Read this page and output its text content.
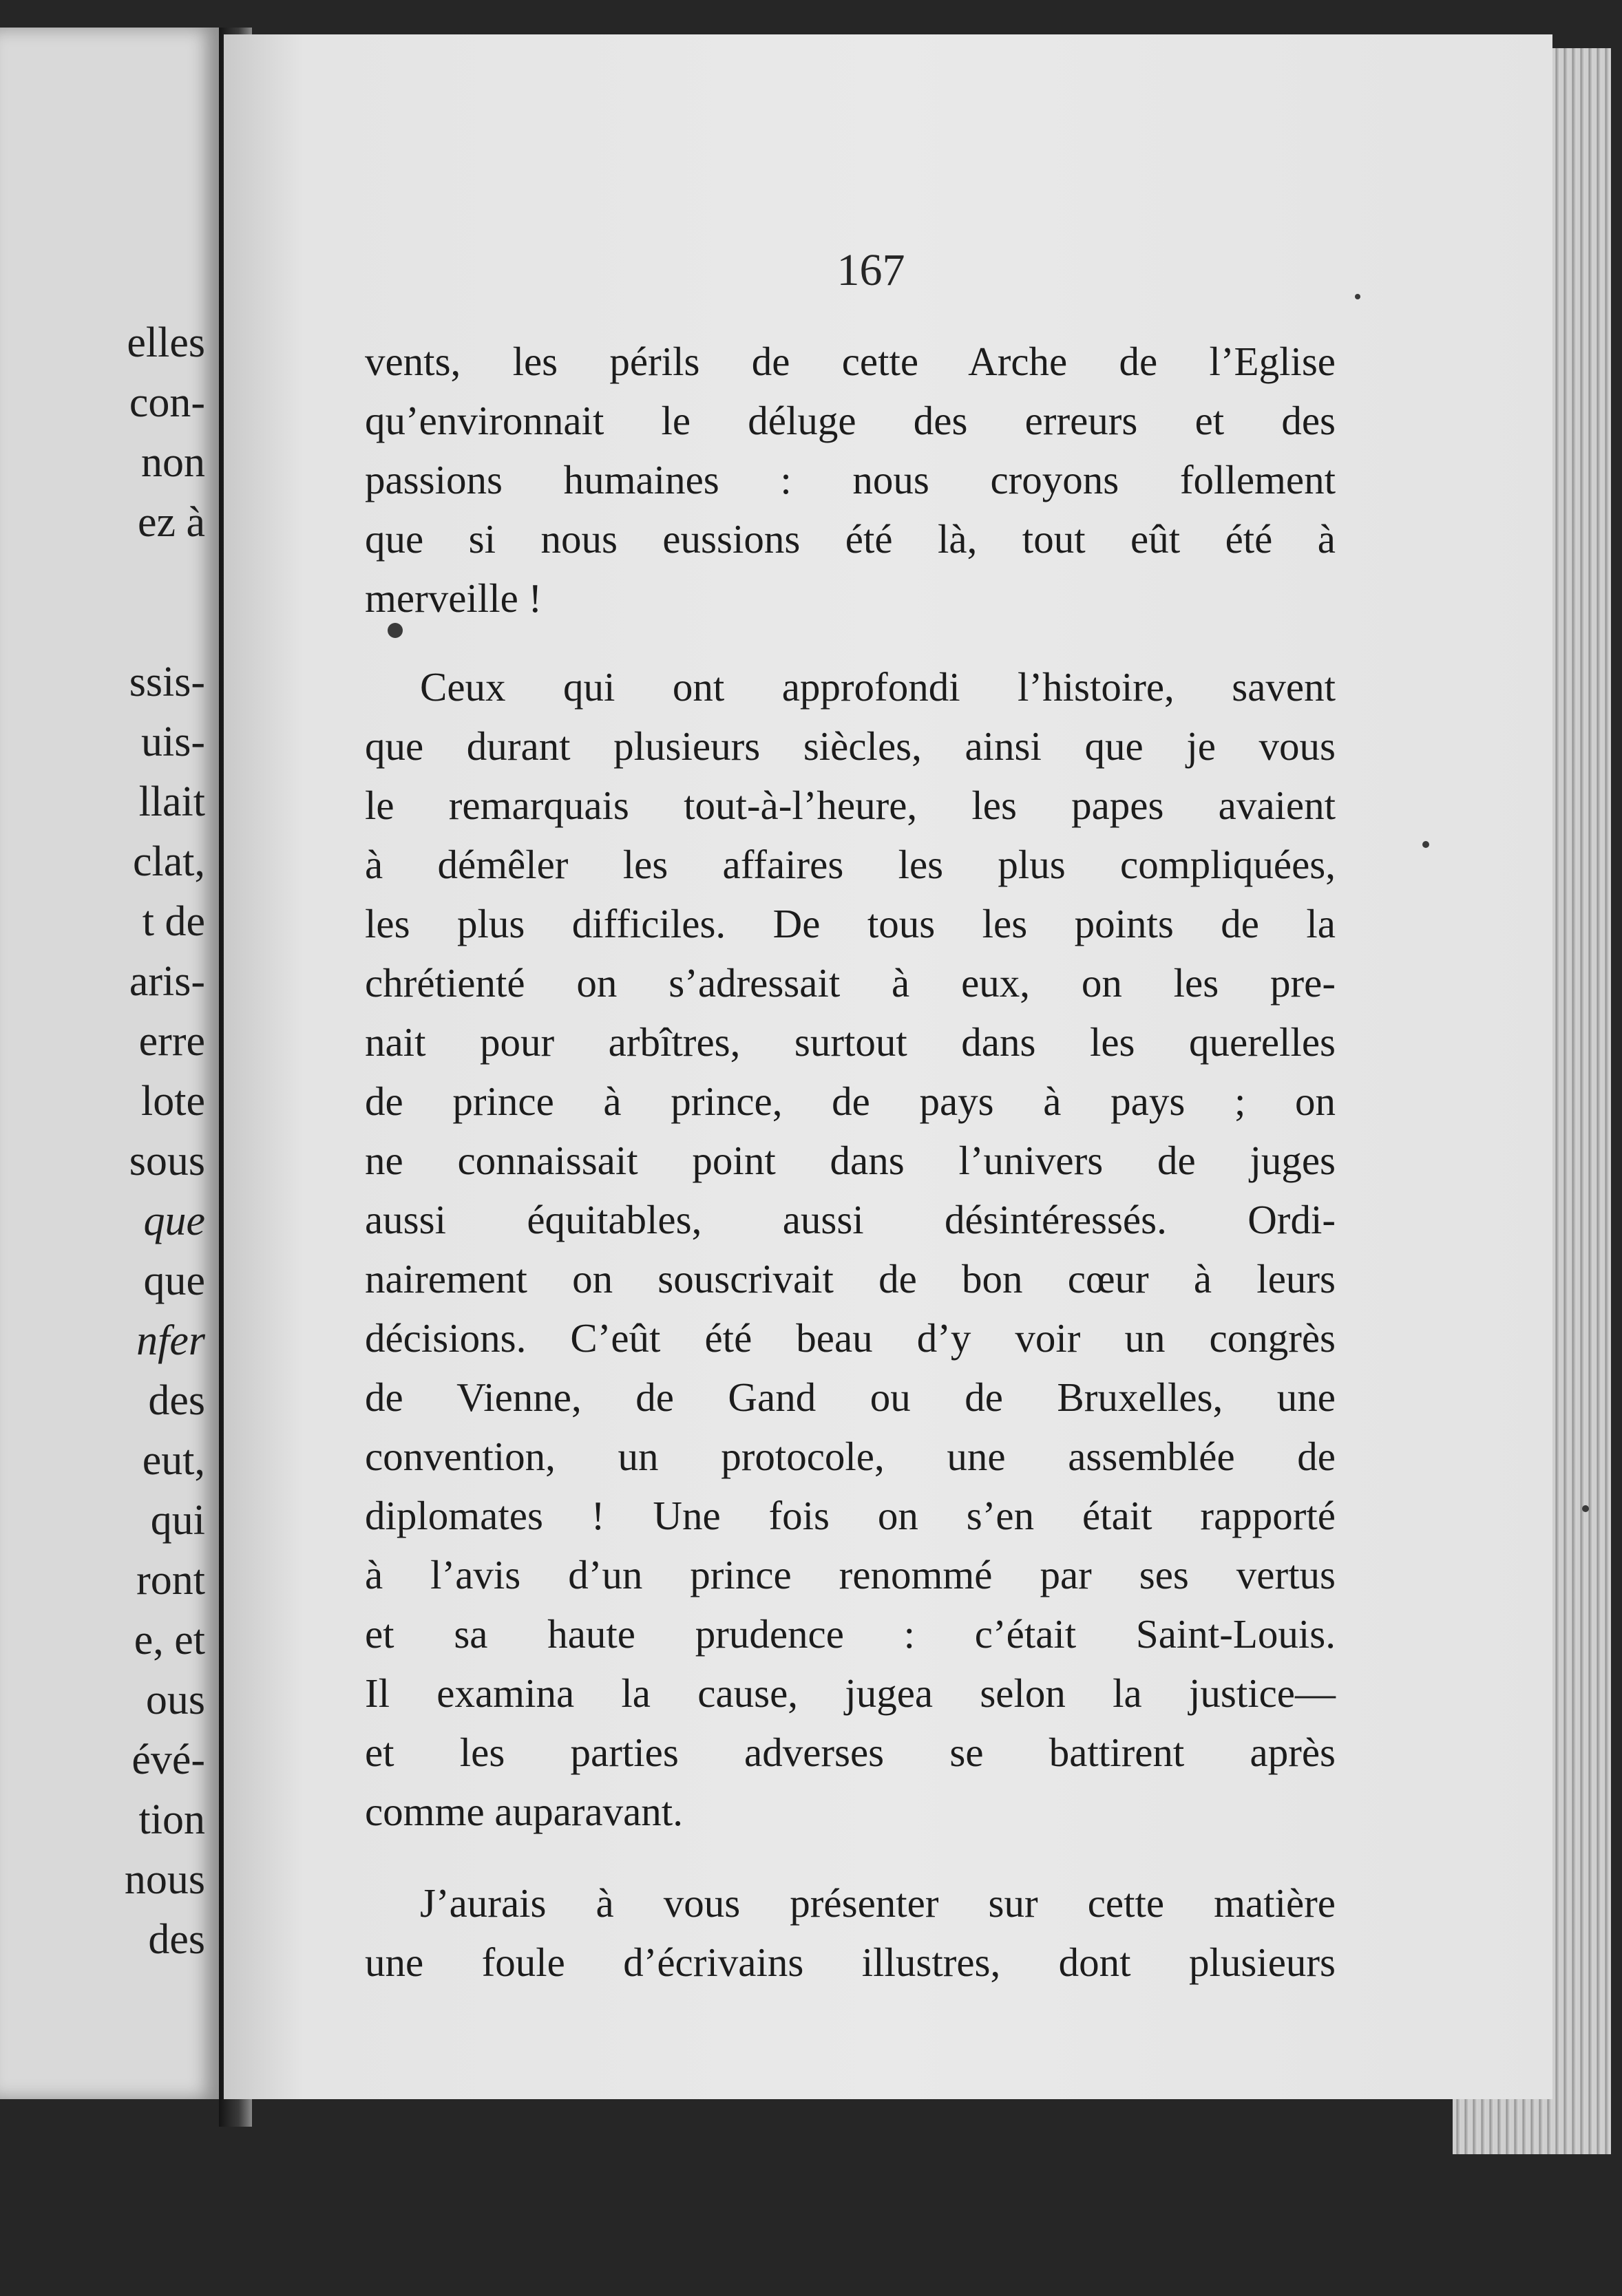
elles
con-
non
ez à
ssis-
uis-
llait
clat,
t de
aris-
erre
lote
sous
que
que
nfer
des
eut,
qui
ront
e, et
ous
évé-
tion
nous
des
167
vents, les périls de cette Arche de l’Eglise
qu’environnait le déluge des erreurs et des
passions humaines : nous croyons follement
que si nous eussions été là, tout eût été à
merveille !
Ceux qui ont approfondi l’histoire, savent
que durant plusieurs siècles, ainsi que je vous
le remarquais tout-à-l’heure, les papes avaient
à démêler les affaires les plus compliquées,
les plus difficiles. De tous les points de la
chrétienté on s’adressait à eux, on les pre-
nait pour arbîtres, surtout dans les querelles
de prince à prince, de pays à pays ; on
ne connaissait point dans l’univers de juges
aussi équitables, aussi désintéressés. Ordi-
nairement on souscrivait de bon cœur à leurs
décisions. C’eût été beau d’y voir un congrès
de Vienne, de Gand ou de Bruxelles, une
convention, un protocole, une assemblée de
diplomates ! Une fois on s’en était rapporté
à l’avis d’un prince renommé par ses vertus
et sa haute prudence : c’était Saint-Louis.
Il examina la cause, jugea selon la justice—
et les parties adverses se battirent après
comme auparavant.
J’aurais à vous présenter sur cette matière
une foule d’écrivains illustres, dont plusieurs
